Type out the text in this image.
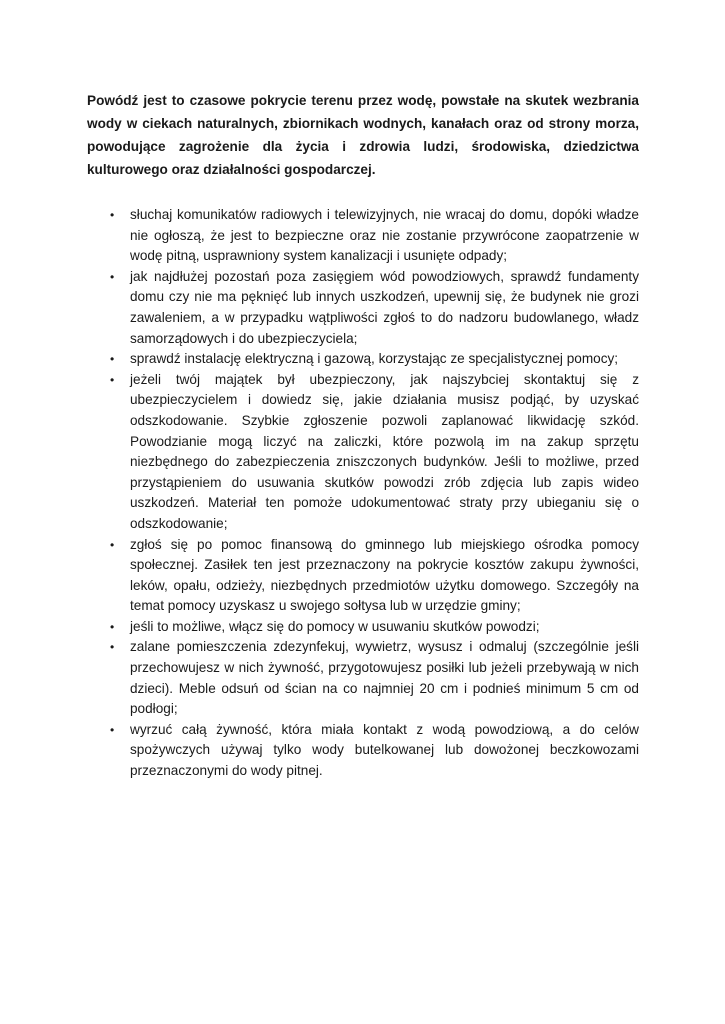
Powódź jest to czasowe pokrycie terenu przez wodę, powstałe na skutek wezbrania wody w ciekach naturalnych, zbiornikach wodnych, kanałach oraz od strony morza, powodujące zagrożenie dla życia i zdrowia ludzi, środowiska, dziedzictwa kulturowego oraz działalności gospodarczej.

• słuchaj komunikatów radiowych i telewizyjnych, nie wracaj do domu, dopóki władze nie ogłoszą, że jest to bezpieczne oraz nie zostanie przywrócone zaopatrzenie w wodę pitną, usprawniony system kanalizacji i usunięte odpady;
• jak najdłużej pozostań poza zasięgiem wód powodziowych, sprawdź fundamenty domu czy nie ma pęknięć lub innych uszkodzeń, upewnij się, że budynek nie grozi zawaleniem, a w przypadku wątpliwości zgłoś to do nadzoru budowlanego, władz samorządowych i do ubezpieczyciela;
• sprawdź instalację elektryczną i gazową, korzystając ze specjalistycznej pomocy;
• jeżeli twój majątek był ubezpieczony, jak najszybciej skontaktuj się z ubezpieczycielem i dowiedz się, jakie działania musisz podjąć, by uzyskać odszkodowanie. Szybkie zgłoszenie pozwoli zaplanować likwidację szkód. Powodzianie mogą liczyć na zaliczki, które pozwolą im na zakup sprzętu niezbędnego do zabezpieczenia zniszczonych budynków. Jeśli to możliwe, przed przystąpieniem do usuwania skutków powodzi zrób zdjęcia lub zapis wideo uszkodzeń. Materiał ten pomoże udokumentować straty przy ubieganiu się o odszkodowanie;
• zgłoś się po pomoc finansową do gminnego lub miejskiego ośrodka pomocy społecznej. Zasiłek ten jest przeznaczony na pokrycie kosztów zakupu żywności, leków, opału, odzieży, niezbędnych przedmiotów użytku domowego. Szczegóły na temat pomocy uzyskasz u swojego sołtysa lub w urzędzie gminy;
• jeśli to możliwe, włącz się do pomocy w usuwaniu skutków powodzi;
• zalane pomieszczenia zdezynfekuj, wywietrz, wysusz i odmaluj (szczególnie jeśli przechowujesz w nich żywność, przygotowujesz posiłki lub jeżeli przebywają w nich dzieci). Meble odsuń od ścian na co najmniej 20 cm i podnieś minimum 5 cm od podłogi;
• wyrzuć całą żywność, która miała kontakt z wodą powodziową, a do celów spożywczych używaj tylko wody butelkowanej lub dowożonej beczkowozami przeznaczonymi do wody pitnej.
